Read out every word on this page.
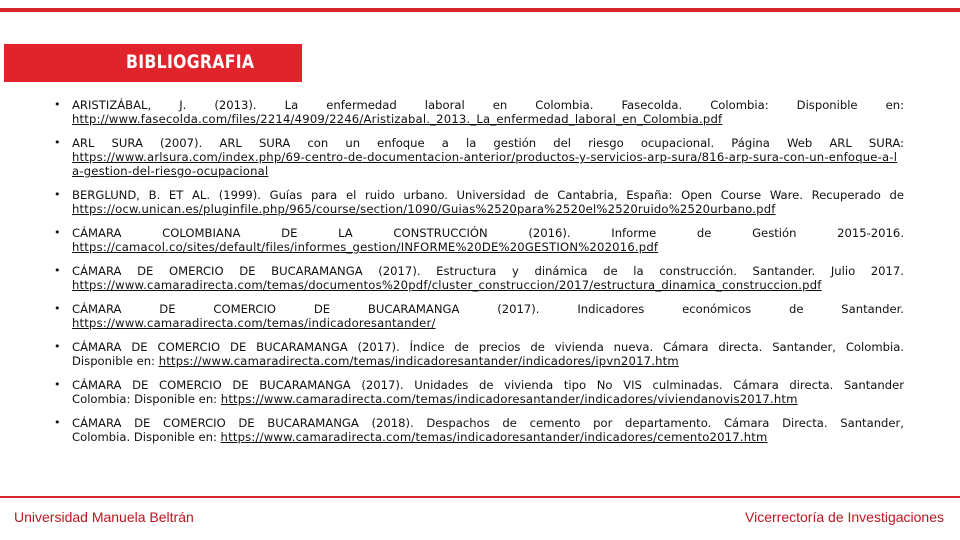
BIBLIOGRAFIA
• ARISTIZÁBAL, J. (2013). La enfermedad laboral en Colombia. Fasecolda. Colombia: Disponible en:
http://www.fasecolda.com/files/2214/4909/2246/Aristizabal._2013._La_enfermedad_laboral_en_Colombia.pdf
• ARL SURA (2007). ARL SURA con un enfoque a la gestión del riesgo ocupacional. Página Web ARL SURA:
https://www.arlsura.com/index.php/69-centro-de-documentacion-anterior/productos-y-servicios-arp-sura/816-arp-sura-con-un-enfoque-a-la-gestion-del-riesgo-ocupacional
• BERGLUND, B. ET AL. (1999). Guías para el ruido urbano. Universidad de Cantabria, España: Open Course Ware. Recuperado de
https://ocw.unican.es/pluginfile.php/965/course/section/1090/Guias%2520para%2520el%2520ruido%2520urbano.pdf
• CÁMARA COLOMBIANA DE LA CONSTRUCCIÓN (2016). Informe de Gestión 2015-2016.
https://camacol.co/sites/default/files/informes_gestion/INFORME%20DE%20GESTION%202016.pdf
• CÁMARA DE OMERCIO DE BUCARAMANGA (2017). Estructura y dinámica de la construcción. Santander. Julio 2017.
https://www.camaradirecta.com/temas/documentos%20pdf/cluster_construccion/2017/estructura_dinamica_construccion.pdf
• CÁMARA DE COMERCIO DE BUCARAMANGA (2017). Indicadores económicos de Santander.
https://www.camaradirecta.com/temas/indicadoresantander/
• CÁMARA DE COMERCIO DE BUCARAMANGA (2017). Índice de precios de vivienda nueva. Cámara directa. Santander, Colombia.
Disponible en: https://www.camaradirecta.com/temas/indicadoresantander/indicadores/ipvn2017.htm
• CÁMARA DE COMERCIO DE BUCARAMANGA (2017). Unidades de vivienda tipo No VIS culminadas. Cámara directa. Santander
Colombia: Disponible en: https://www.camaradirecta.com/temas/indicadoresantander/indicadores/viviendanovis2017.htm
• CÁMARA DE COMERCIO DE BUCARAMANGA (2018). Despachos de cemento por departamento. Cámara Directa. Santander,
Colombia. Disponible en: https://www.camaradirecta.com/temas/indicadoresantander/indicadores/cemento2017.htm
Universidad Manuela Beltrán	Vicerrectoría de Investigaciones
